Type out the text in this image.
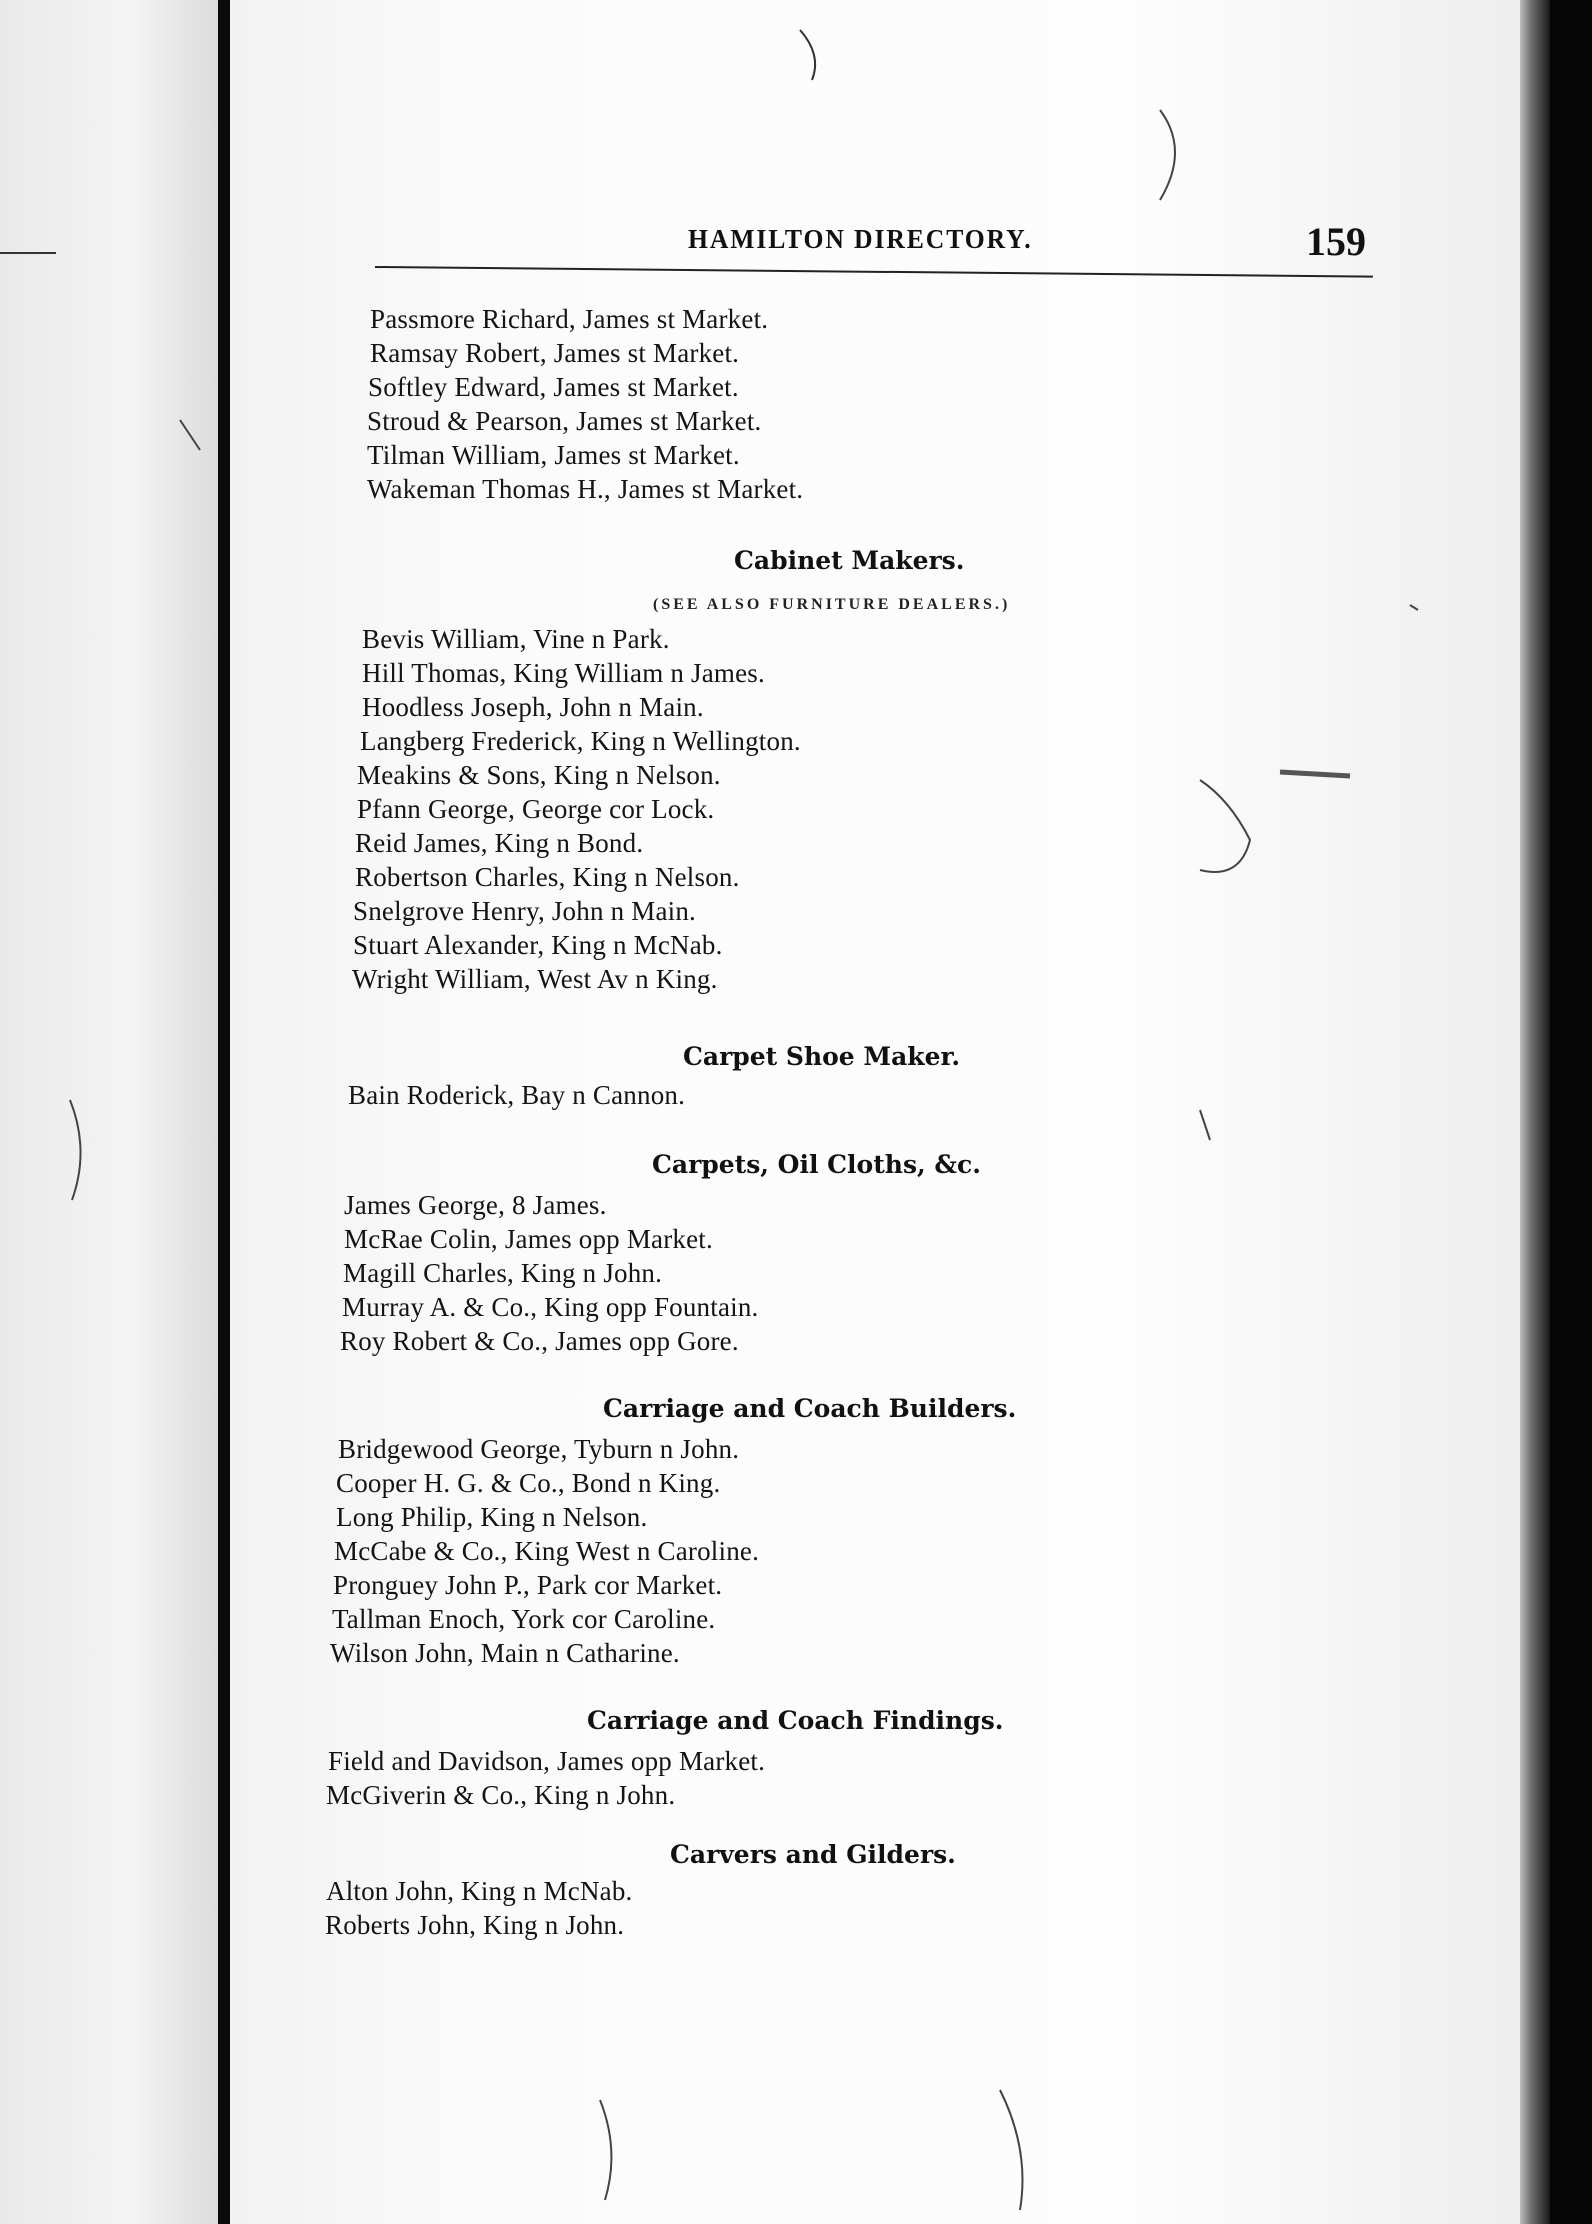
HAMILTON DIRECTORY.	159
Passmore Richard, James st Market.
Ramsay Robert, James st Market.
Softley Edward, James st Market.
Stroud & Pearson, James st Market.
Tilman William, James st Market.
Wakeman Thomas H., James st Market.
Cabinet Makers.
(SEE ALSO FURNITURE DEALERS.)
Bevis William, Vine n Park.
Hill Thomas, King William n James.
Hoodless Joseph, John n Main.
Langberg Frederick, King n Wellington.
Meakins & Sons, King n Nelson.
Pfann George, George cor Lock.
Reid James, King n Bond.
Robertson Charles, King n Nelson.
Snelgrove Henry, John n Main.
Stuart Alexander, King n McNab.
Wright William, West Av n King.
Carpet Shoe Maker.
Bain Roderick, Bay n Cannon.
Carpets, Oil Cloths, &c.
James George, 8 James.
McRae Colin, James opp Market.
Magill Charles, King n John.
Murray A. & Co., King opp Fountain.
Roy Robert & Co., James opp Gore.
Carriage and Coach Builders.
Bridgewood George, Tyburn n John.
Cooper H. G. & Co., Bond n King.
Long Philip, King n Nelson.
McCabe & Co., King West n Caroline.
Pronguey John P., Park cor Market.
Tallman Enoch, York cor Caroline.
Wilson John, Main n Catharine.
Carriage and Coach Findings.
Field and Davidson, James opp Market.
McGiverin & Co., King n John.
Carvers and Gilders.
Alton John, King n McNab.
Roberts John, King n John.
